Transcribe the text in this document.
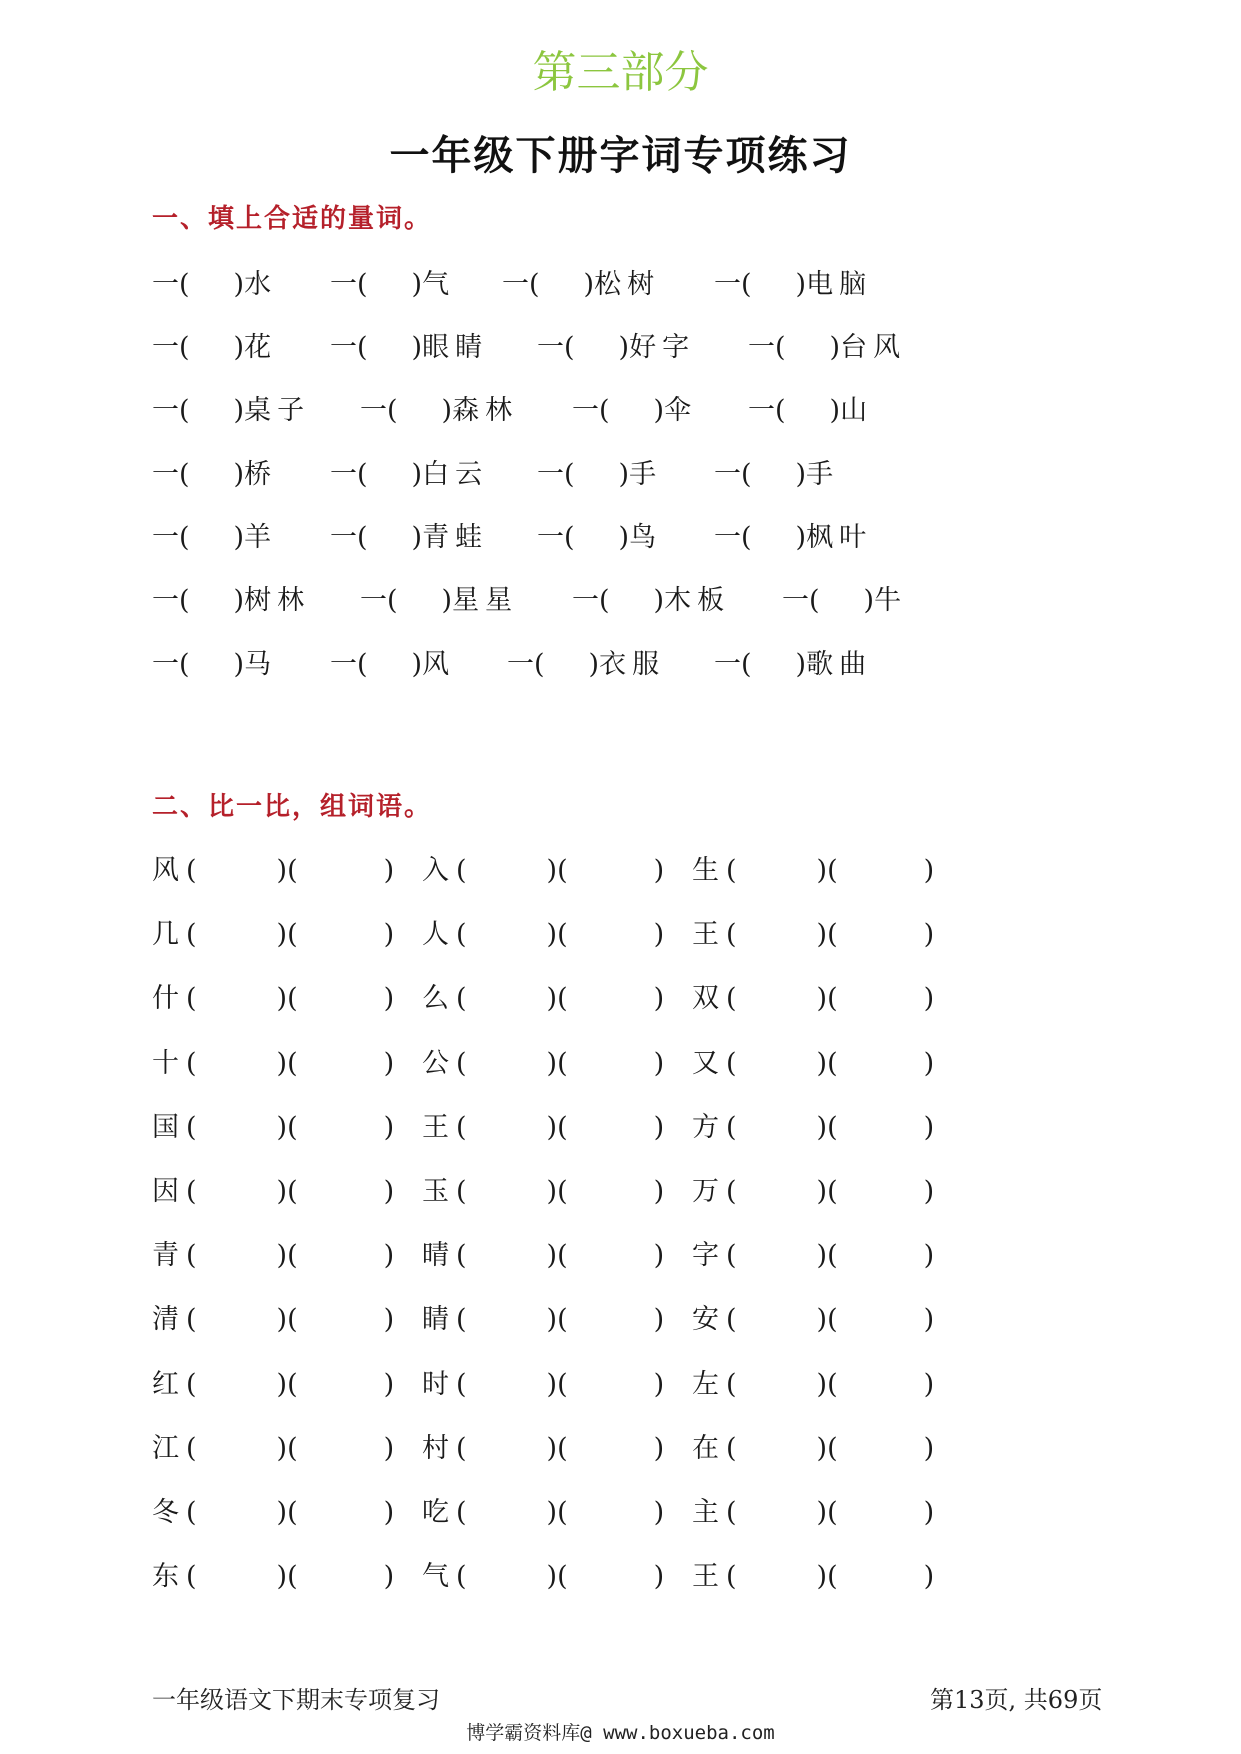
第三部分
一年级下册字词专项练习
一、填上合适的量词。
一( )水 一( )气 一( )松树 一( )电脑
一( )花 一( )眼睛 一( )好字 一( )台风
一( )桌子 一( )森林 一( )伞 一( )山
一( )桥 一( )白云 一( )手 一( )手
一( )羊 一( )青蛙 一( )鸟 一( )枫叶
一( )树林 一( )星星 一( )木板 一( )牛
一( )马 一( )风 一( )衣服 一( )歌曲
二、比一比，组词语。
风 (	)(	) 入 (	)(	) 生 (	)(	)
几 (	)(	) 人 (	)(	) 王 (	)(	)
什 (	)(	) 么 (	)(	) 双 (	)(	)
十 (	)(	) 公 (	)(	) 又 (	)(	)
国 (	)(	) 王 (	)(	) 方 (	)(	)
因 (	)(	) 玉 (	)(	) 万 (	)(	)
青 (	)(	) 晴 (	)(	) 字 (	)(	)
清 (	)(	) 睛 (	)(	) 安 (	)(	)
红 (	)(	) 时 (	)(	) 左 (	)(	)
江 (	)(	) 村 (	)(	) 在 (	)(	)
冬 (	)(	) 吃 (	)(	) 主 (	)(	)
东 (	)(	) 气 (	)(	) 王 (	)(	)
一年级语文下期末专项复习	第13页, 共69页
博学霸资料库@ www.boxueba.com
